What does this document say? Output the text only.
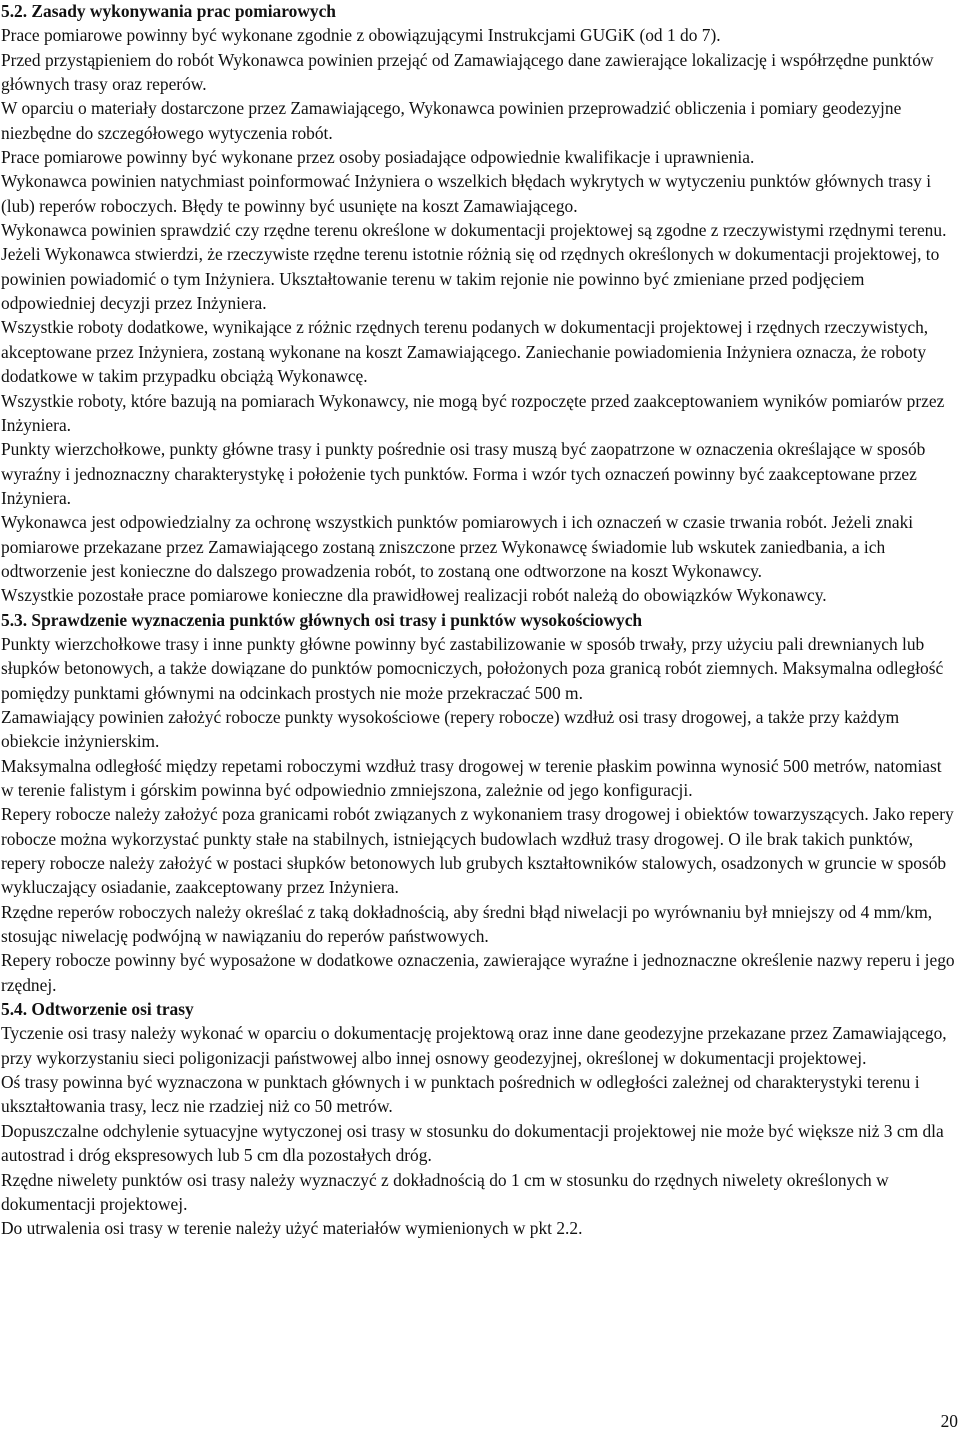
5.2. Zasady wykonywania prac pomiarowych

Prace pomiarowe powinny być wykonane zgodnie z obowiązującymi Instrukcjami GUGiK (od 1 do 7).

Przed przystąpieniem do robót Wykonawca powinien przejąć od Zamawiającego dane zawierające lokalizację i współrzędne punktów głównych trasy oraz reperów.

W oparciu o materiały dostarczone przez Zamawiającego, Wykonawca powinien przeprowadzić obliczenia i pomiary geodezyjne niezbędne do szczegółowego wytyczenia robót.

Prace pomiarowe powinny być wykonane przez osoby posiadające odpowiednie kwalifikacje i uprawnienia.

Wykonawca powinien natychmiast poinformować Inżyniera o wszelkich błędach wykrytych w wytyczeniu punktów głównych trasy i (lub) reperów roboczych. Błędy te powinny być usunięte na koszt Zamawiającego.

Wykonawca powinien sprawdzić czy rzędne terenu określone w dokumentacji projektowej są zgodne z rzeczywistymi rzędnymi terenu. Jeżeli Wykonawca stwierdzi, że rzeczywiste rzędne terenu istotnie różnią się od rzędnych określonych w dokumentacji projektowej, to powinien powiadomić o tym Inżyniera. Ukształtowanie terenu w takim rejonie nie powinno być zmieniane przed podjęciem odpowiedniej decyzji przez Inżyniera.

Wszystkie roboty dodatkowe, wynikające z różnic rzędnych terenu podanych w dokumentacji projektowej i rzędnych rzeczywistych, akceptowane przez Inżyniera, zostaną wykonane na koszt Zamawiającego. Zaniechanie powiadomienia Inżyniera oznacza, że roboty dodatkowe w takim przypadku obciążą Wykonawcę.

Wszystkie roboty, które bazują na pomiarach Wykonawcy, nie mogą być rozpoczęte przed zaakceptowaniem wyników pomiarów przez Inżyniera.

Punkty wierzchołkowe, punkty główne trasy i punkty pośrednie osi trasy muszą być zaopatrzone w oznaczenia określające w sposób wyraźny i jednoznaczny charakterystykę i położenie tych punktów. Forma i wzór tych oznaczeń powinny być zaakceptowane przez Inżyniera.

Wykonawca jest odpowiedzialny za ochronę wszystkich punktów pomiarowych i ich oznaczeń w czasie trwania robót. Jeżeli znaki pomiarowe przekazane przez Zamawiającego zostaną zniszczone przez Wykonawcę świadomie lub wskutek zaniedbania, a ich odtworzenie jest konieczne do dalszego prowadzenia robót, to zostaną one odtworzone na koszt Wykonawcy.

Wszystkie pozostałe prace pomiarowe konieczne dla prawidłowej realizacji robót należą do obowiązków Wykonawcy.

5.3. Sprawdzenie wyznaczenia punktów głównych osi trasy i punktów wysokościowych

Punkty wierzchołkowe trasy i inne punkty główne powinny być zastabilizowanie w sposób trwały, przy użyciu pali drewnianych lub słupków betonowych, a także dowiązane do punktów pomocniczych, położonych poza granicą robót ziemnych. Maksymalna odległość pomiędzy punktami głównymi na odcinkach prostych nie może przekraczać 500 m.

Zamawiający powinien założyć robocze punkty wysokościowe (repery robocze) wzdłuż osi trasy drogowej, a także przy każdym obiekcie inżynierskim.

Maksymalna odległość między repetami roboczymi wzdłuż trasy drogowej w terenie płaskim powinna wynosić 500 metrów, natomiast w terenie falistym i górskim powinna być odpowiednio zmniejszona, zależnie od jego konfiguracji.

Repery robocze należy założyć poza granicami robót związanych z wykonaniem trasy drogowej i obiektów towarzyszących. Jako repery robocze można wykorzystać punkty stałe na stabilnych, istniejących budowlach wzdłuż trasy drogowej. O ile brak takich punktów, repery robocze należy założyć w postaci słupków betonowych lub grubych kształtowników stalowych, osadzonych w gruncie w sposób wykluczający osiadanie, zaakceptowany przez Inżyniera.

Rzędne reperów roboczych należy określać z taką dokładnością, aby średni błąd niwelacji po wyrównaniu był mniejszy od 4 mm/km, stosując niwelację podwójną w nawiązaniu do reperów państwowych.

Repery robocze powinny być wyposażone w dodatkowe oznaczenia, zawierające wyraźne i jednoznaczne określenie nazwy reperu i jego rzędnej.

5.4. Odtworzenie osi trasy

Tyczenie osi trasy należy wykonać w oparciu o dokumentację projektową oraz inne dane geodezyjne przekazane przez Zamawiającego, przy wykorzystaniu sieci poligonizacji państwowej albo innej osnowy geodezyjnej, określonej w dokumentacji projektowej.

Oś trasy powinna być wyznaczona w punktach głównych i w punktach pośrednich w odległości zależnej od charakterystyki terenu i ukształtowania trasy, lecz nie rzadziej niż co 50 metrów.

Dopuszczalne odchylenie sytuacyjne wytyczonej osi trasy w stosunku do dokumentacji projektowej nie może być większe niż 3 cm dla autostrad i dróg ekspresowych lub 5 cm dla pozostałych dróg.

Rzędne niwelety punktów osi trasy należy wyznaczyć z dokładnością do 1 cm w stosunku do rzędnych niwelety określonych w dokumentacji projektowej.

Do utrwalenia osi trasy w terenie należy użyć materiałów wymienionych w pkt 2.2.

20
